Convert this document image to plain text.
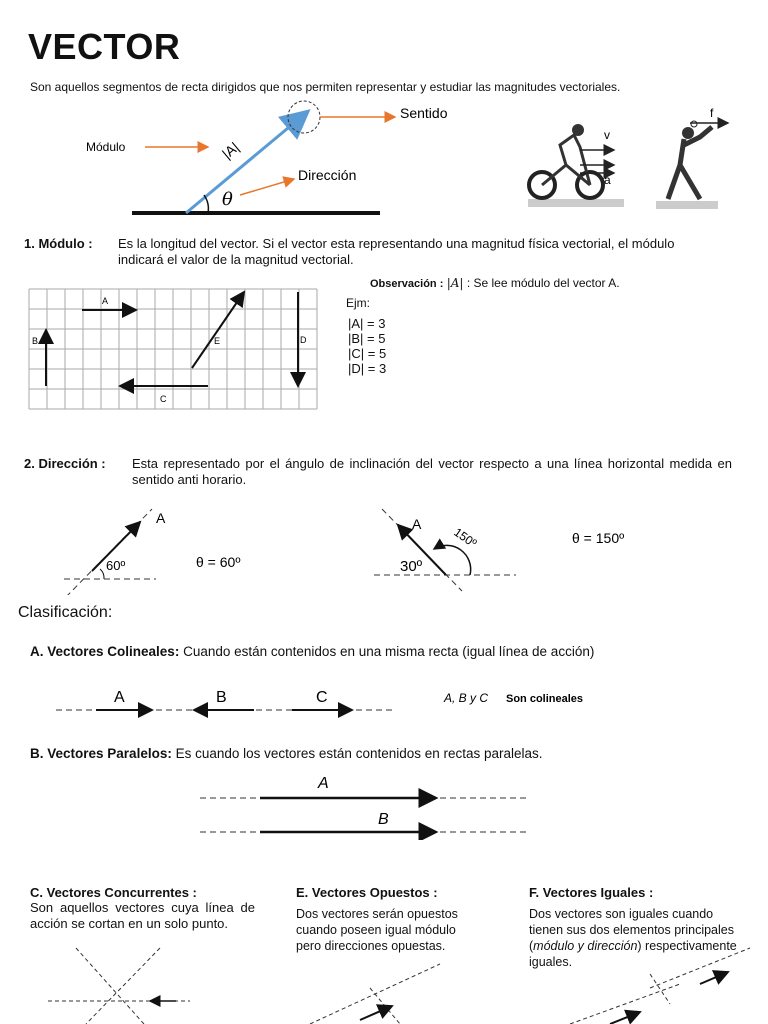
VECTOR
Son aquellos segmentos de recta dirigidos que nos permiten representar y estudiar las magnitudes vectoriales.
θ
Módulo
Sentido
Dirección
|A|
v
a
f
1. Módulo : Es la longitud del vector. Si el vector esta representando una magnitud física vectorial, el módulo indicará el valor de la magnitud vectorial.
Observación : |A| : Se lee módulo del vector A.
Ejm:
|A| = 3
|B| = 5
|C| = 5
|D| = 3
A
B	E
C
D
2. Dirección : Esta representado por el ángulo de inclinación del vector respecto a una línea horizontal medida en sentido anti horario.
60º
A
θ = 60º	30º
150º
A
θ = 150º
Clasificación:
A. Vectores Colineales: Cuando están contenidos en una misma recta (igual línea de acción)
A	B	C	A, B y C Son colineales
B. Vectores Paralelos: Es cuando los vectores están contenidos en rectas paralelas.
A
B
C. Vectores Concurrentes :
Son aquellos vectores cuya línea de acción se cortan en un solo punto.
E. Vectores Opuestos :
Dos vectores serán opuestos cuando poseen igual módulo pero direcciones opuestas.
F. Vectores Iguales :
Dos vectores son iguales cuando tienen sus dos elementos principales (módulo y dirección) respectivamente iguales.
